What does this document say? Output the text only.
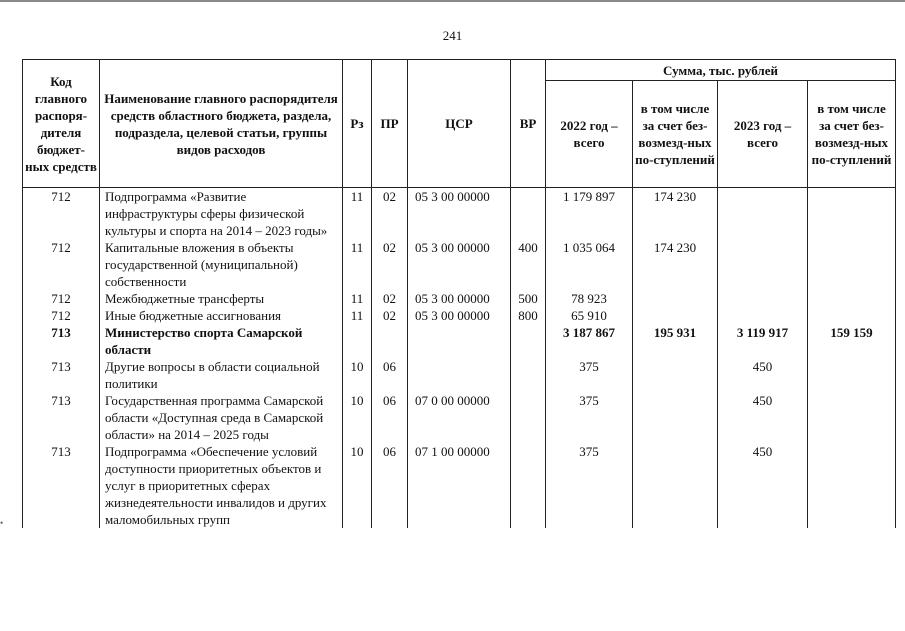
241
Код главного распоря-дителя бюджет-ных средств	Наименование главного распорядителя средств областного бюджета, раздела, подраздела, целевой статьи, группы видов расходов	Рз	ПР	ЦСР	ВР	Сумма, тыс. рублей			
						2022 год – всего	в том числе за счет без-возмезд-ных по-ступлений	2023 год – всего	в том числе за счет без-возмезд-ных по-ступлений
712	Подпрограмма «Развитие инфраструктуры сферы физической культуры и спорта на 2014 – 2023 годы»	11	02	05 3 00 00000		1 179 897	174 230		
712	Капитальные вложения в объекты государственной (муниципальной) собственности	11	02	05 3 00 00000	400	1 035 064	174 230		
712	Межбюджетные трансферты	11	02	05 3 00 00000	500	78 923			
712	Иные бюджетные ассигнования	11	02	05 3 00 00000	800	65 910			
713	Министерство спорта Самарской области					3 187 867	195 931	3 119 917	159 159
713	Другие вопросы в области социальной политики	10	06			375		450	
713	Государственная программа Самарской области «Доступная среда в Самарской области» на 2014 – 2025 годы	10	06	07 0 00 00000		375		450	
713	Подпрограмма «Обеспечение условий доступности приоритетных объектов и услуг в приоритетных сферах жизнедеятельности инвалидов и других маломобильных групп	10	06	07 1 00 00000		375		450	
•
